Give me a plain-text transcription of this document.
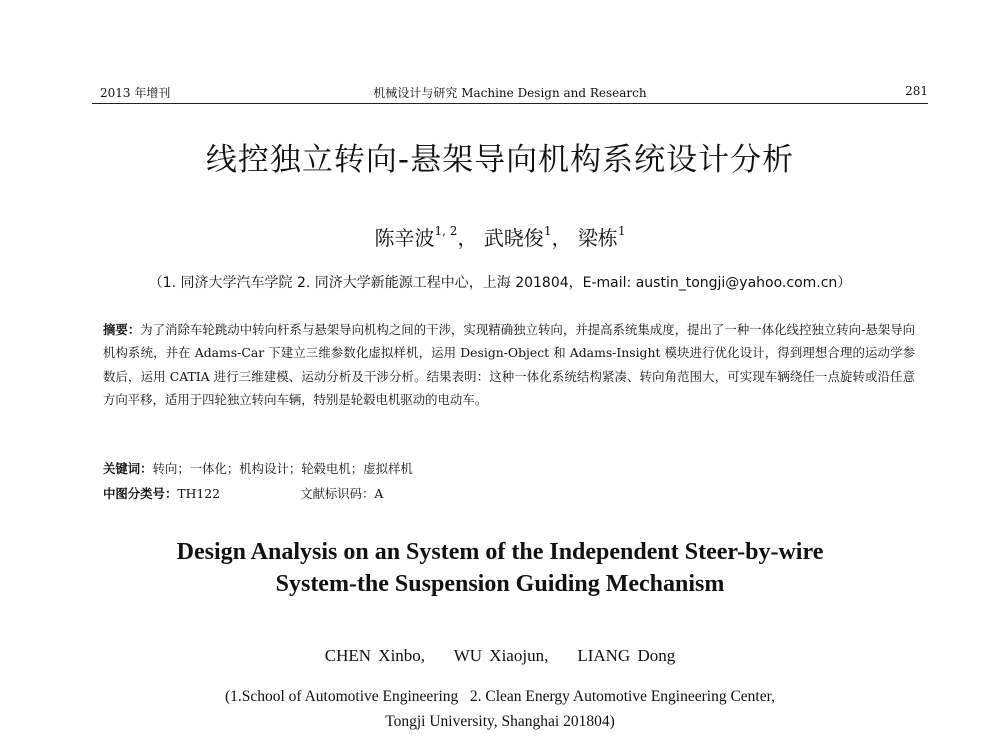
2013 年增刊	机械设计与研究 Machine Design and Research	281
线控独立转向-悬架导向机构系统设计分析
陈辛波$^{1, 2}$， 武晓俊$^1$， 梁栋$^1$
（1. 同济大学汽车学院 2. 同济大学新能源工程中心，上海 201804，E-mail: austin_tongji@yahoo.com.cn）
摘要：为了消除车轮跳动中转向杆系与悬架导向机构之间的干涉，实现精确独立转向，并提高系统集成度，提出了一种一体化线控独立转向-悬架导向机构系统，并在 Adams-Car 下建立三维参数化虚拟样机，运用 Design-Object 和 Adams-Insight 模块进行优化设计，得到理想合理的运动学参数后，运用 CATIA 进行三维建模、运动分析及干涉分析。结果表明：这种一体化系统结构紧凑、转向角范围大，可实现车辆绕任一点旋转或沿任意方向平移，适用于四轮独立转向车辆，特别是轮毂电机驱动的电动车。
关键词：转向；一体化；机构设计；轮毂电机；虚拟样机
中图分类号：TH122	文献标识码：A
Design Analysis on an System of the Independent Steer-by-wire
System-the Suspension Guiding Mechanism
CHEN Xinbo,    WU Xiaojun,    LIANG Dong
(1.School of Automotive Engineering   2. Clean Energy Automotive Engineering Center,
Tongji University, Shanghai 201804)
